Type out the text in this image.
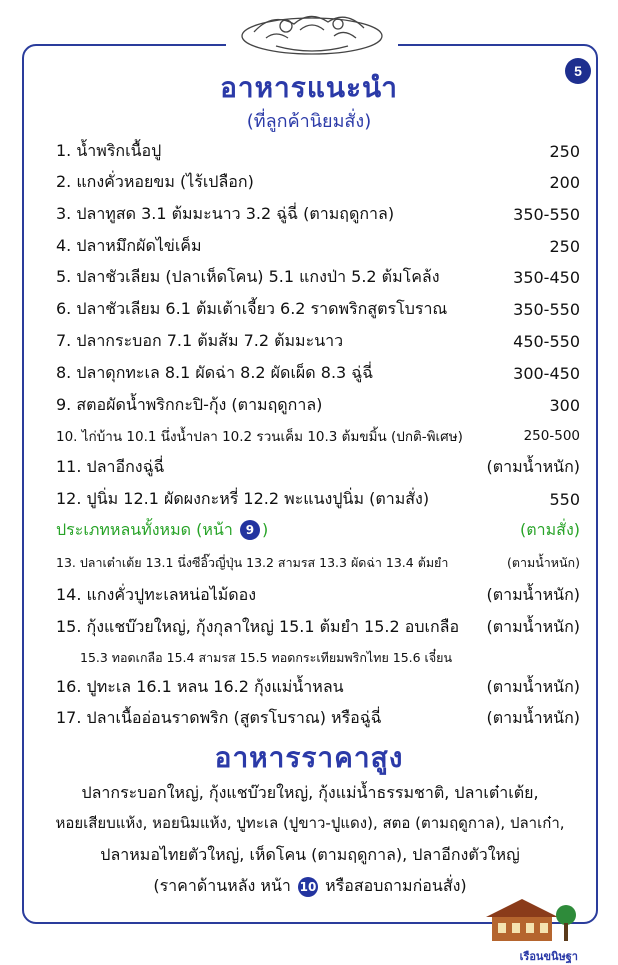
5
อาหารแนะนำ
(ที่ลูกค้านิยมสั่ง)
1. น้ำพริกเนื้อปู	250
2. แกงคั่วหอยขม (ไร้เปลือก)	200
3. ปลาทูสด 3.1 ต้มมะนาว 3.2 ฉู่ฉี่ (ตามฤดูกาล)	350-550
4. ปลาหมึกผัดไข่เค็ม	250
5. ปลาชัวเลียม (ปลาเห็ดโคน) 5.1 แกงป่า 5.2 ต้มโคล้ง	350-450
6. ปลาชัวเลียม 6.1 ต้มเต้าเจี้ยว 6.2 ราดพริกสูตรโบราณ	350-550
7. ปลากระบอก 7.1 ต้มส้ม 7.2 ต้มมะนาว	450-550
8. ปลาดุกทะเล 8.1 ผัดฉ่า 8.2 ผัดเผ็ด 8.3 ฉู่ฉี่	300-450
9. สตอผัดน้ำพริกกะปิ-กุ้ง (ตามฤดูกาล)	300
10. ไก่บ้าน 10.1 นึ่งน้ำปลา 10.2 รวนเค็ม 10.3 ต้มขมิ้น (ปกติ-พิเศษ)	250-500
11. ปลาอีกงฉู่ฉี่	(ตามน้ำหนัก)
12. ปูนิ่ม 12.1 ผัดผงกะหรี่ 12.2 พะแนงปูนิ่ม (ตามสั่ง)	550
ประเภทหลนทั้งหมด (หน้า 9 )	(ตามสั่ง)
13. ปลาเต๋าเต้ย 13.1 นึ่งซีอิ๊วญี่ปุ่น 13.2 สามรส 13.3 ผัดฉ่า 13.4 ต้มยำ	(ตามน้ำหนัก)
14. แกงคั่วปูทะเลหน่อไม้ดอง	(ตามน้ำหนัก)
15. กุ้งแชบ๊วยใหญ่, กุ้งกุลาใหญ่ 15.1 ต้มยำ 15.2 อบเกลือ	(ตามน้ำหนัก)
15.3 ทอดเกลือ 15.4 สามรส 15.5 ทอดกระเทียมพริกไทย 15.6 เจี๋ยน
16. ปูทะเล 16.1 หลน 16.2 กุ้งแม่น้ำหลน	(ตามน้ำหนัก)
17. ปลาเนื้ออ่อนราดพริก (สูตรโบราณ) หรือฉู่ฉี่	(ตามน้ำหนัก)
อาหารราคาสูง
ปลากระบอกใหญ่, กุ้งแชบ๊วยใหญ่, กุ้งแม่น้ำธรรมชาติ, ปลาเต๋าเต้ย,
หอยเสียบแห้ง, หอยนิมแห้ง, ปูทะเล (ปูขาว-ปูแดง), สตอ (ตามฤดูกาล), ปลาเก๋า,
ปลาหมอไทยตัวใหญ่, เห็ดโคน (ตามฤดูกาล), ปลาอีกงตัวใหญ่
(ราคาด้านหลัง หน้า 10 หรือสอบถามก่อนสั่ง)
เรือนขนิษฐา
